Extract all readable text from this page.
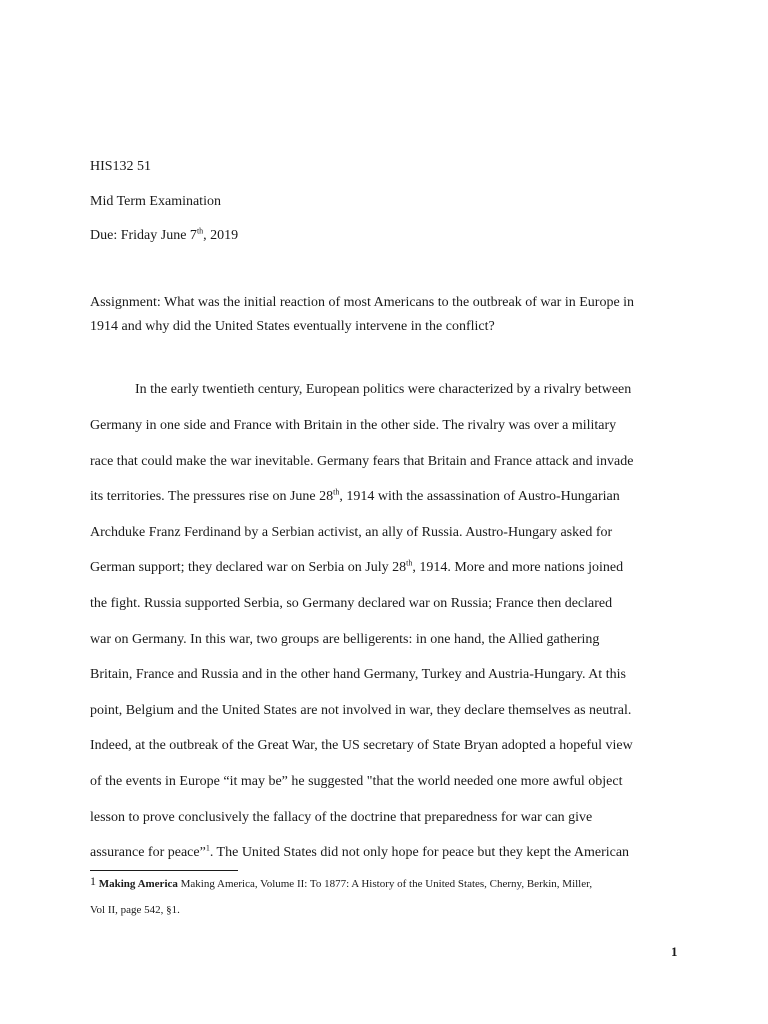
HIS132 51

Mid Term Examination

Due: Friday June 7th, 2019

Assignment: What was the initial reaction of most Americans to the outbreak of war in Europe in

1914 and why did the United States eventually intervene in the conflict?

In the early twentieth century, European politics were characterized by a rivalry between

Germany in one side and France with Britain in the other side. The rivalry was over a military

race that could make the war inevitable. Germany fears that Britain and France attack and invade

its territories. The pressures rise on June 28th, 1914 with the assassination of Austro-Hungarian

Archduke Franz Ferdinand by a Serbian activist, an ally of Russia. Austro-Hungary asked for

German support; they declared war on Serbia on July 28th, 1914. More and more nations joined

the fight. Russia supported Serbia, so Germany declared war on Russia; France then declared

war on Germany. In this war, two groups are belligerents: in one hand, the Allied gathering

Britain, France and Russia and in the other hand Germany, Turkey and Austria-Hungary. At this

point, Belgium and the United States are not involved in war, they declare themselves as neutral.

Indeed, at the outbreak of the Great War, the US secretary of State Bryan adopted a hopeful view

of the events in Europe “it may be” he suggested "that the world needed one more awful object

lesson to prove conclusively the fallacy of the doctrine that preparedness for war can give

assurance for peace”$^1$. The United States did not only hope for peace but they kept the American

1 Making America Making America, Volume II: To 1877: A History of the United States, Cherny, Berkin, Miller,

Vol II, page 542, §1.

1
